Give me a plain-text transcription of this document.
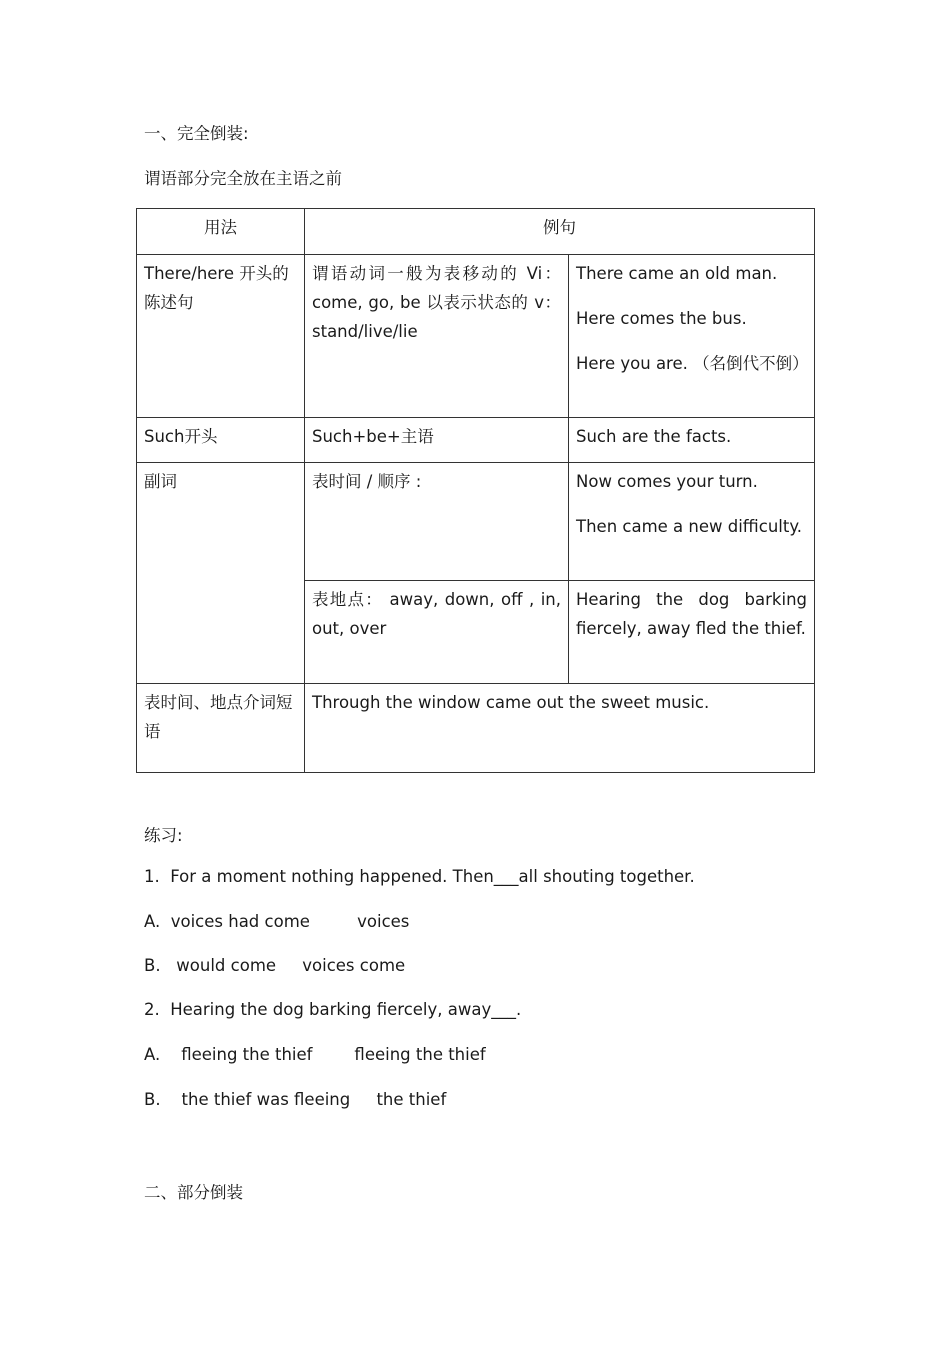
一、完全倒装:
谓语部分完全放在主语之前
用法	例句	
There/here 开头的陈述句	谓语动词一般为表移动的 Vi：come, go, be 以表示状态的 v：stand/live/lie	There came an old man.

Here comes the bus.

Here you are. （名倒代不倒）

Such开头	Such+be+主语	Such are the facts.

副词	表时间 / 顺序 :	Now comes your turn.

Then came a new difficulty.

	表地点： away, down, off , in, out, over	Hearing the dog barking fiercely, away fled the thief.

表时间、地点介词短语	Through the window came out the sweet music.	
练习:
1.  For a moment nothing happened. Then___all shouting together.
A.  voices had come         voices
B.   would come     voices come
2.  Hearing the dog barking fiercely, away___.
A.    fleeing the thief        fleeing the thief
B.    the thief was fleeing     the thief
二、部分倒装
